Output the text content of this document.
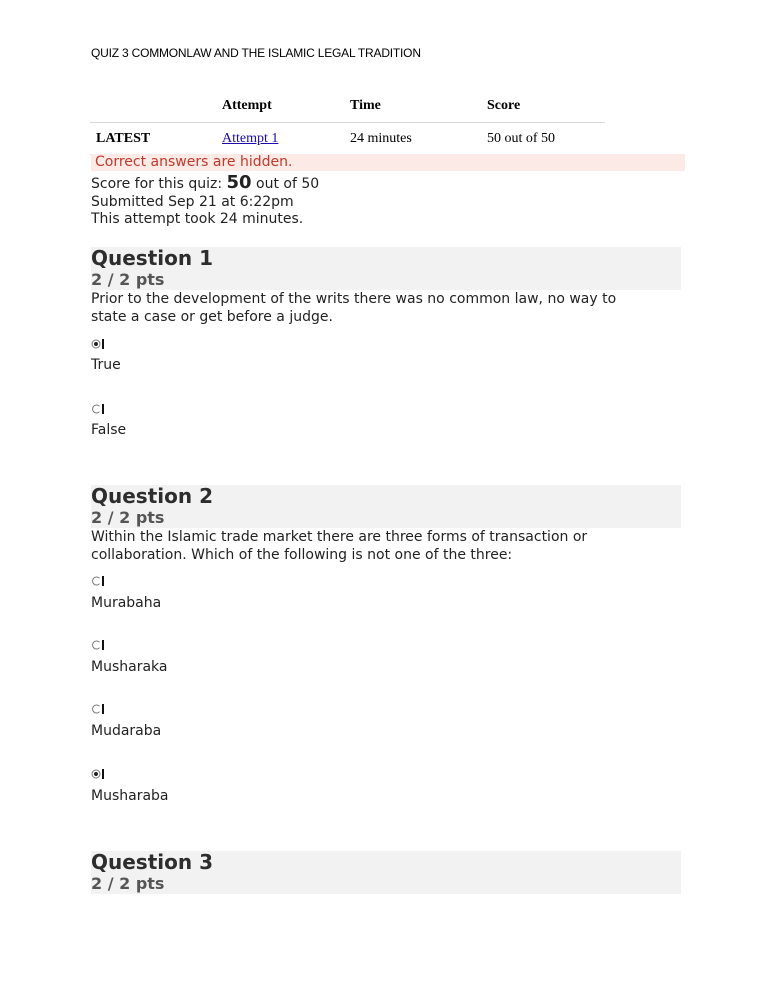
QUIZ 3 COMMONLAW AND THE ISLAMIC LEGAL TRADITION
	Attempt	Time	Score
LATEST	Attempt 1	24 minutes	50 out of 50
Correct answers are hidden.
Score for this quiz: 50 out of 50
Submitted Sep 21 at 6:22pm
This attempt took 24 minutes.
Question 1
2 / 2 pts
Prior to the development of the writs there was no common law, no way to
state a case or get before a judge.
True
False
Question 2
2 / 2 pts
Within the Islamic trade market there are three forms of transaction or
collaboration. Which of the following is not one of the three:
Murabaha
Musharaka
Mudaraba
Musharaba
Question 3
2 / 2 pts
